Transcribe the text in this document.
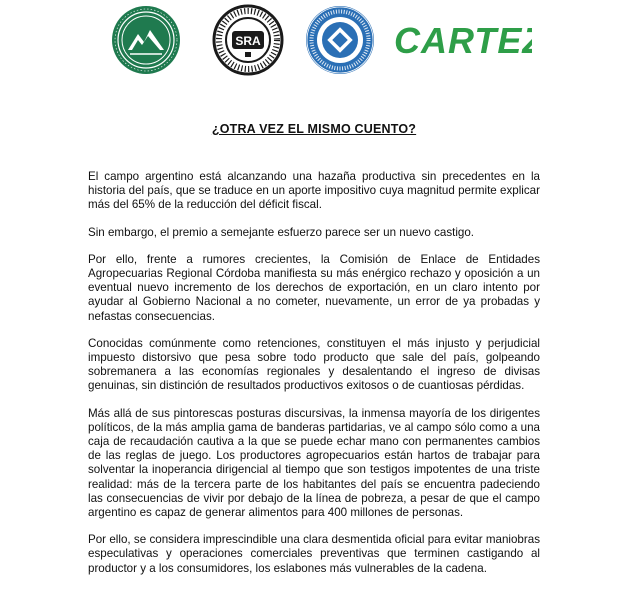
SRA	CARTEZ
¿OTRA VEZ EL MISMO CUENTO?

El campo argentino está alcanzando una hazaña productiva sin precedentes en la historia del país, que se traduce en un aporte impositivo cuya magnitud permite explicar más del 65% de la reducción del déficit fiscal.

Sin embargo, el premio a semejante esfuerzo parece ser un nuevo castigo.

Por ello, frente a rumores crecientes, la Comisión de Enlace de Entidades Agropecuarias Regional Córdoba manifiesta su más enérgico rechazo y oposición a un eventual nuevo incremento de los derechos de exportación, en un claro intento por ayudar al Gobierno Nacional a no cometer, nuevamente, un error de ya probadas y nefastas consecuencias.

Conocidas comúnmente como retenciones, constituyen el más injusto y perjudicial impuesto distorsivo que pesa sobre todo producto que sale del país, golpeando sobremanera a las economías regionales y desalentando el ingreso de divisas genuinas, sin distinción de resultados productivos exitosos o de cuantiosas pérdidas.

Más allá de sus pintorescas posturas discursivas, la inmensa mayoría de los dirigentes políticos, de la más amplia gama de banderas partidarias, ve al campo sólo como a una caja de recaudación cautiva a la que se puede echar mano con permanentes cambios de las reglas de juego. Los productores agropecuarios están hartos de trabajar para solventar la inoperancia dirigencial al tiempo que son testigos impotentes de una triste realidad: más de la tercera parte de los habitantes del país se encuentra padeciendo las consecuencias de vivir por debajo de la línea de pobreza, a pesar de que el campo argentino es capaz de generar alimentos para 400 millones de personas.

Por ello, se considera imprescindible una clara desmentida oficial para evitar maniobras especulativas y operaciones comerciales preventivas que terminen castigando al productor y a los consumidores, los eslabones más vulnerables de la cadena.
